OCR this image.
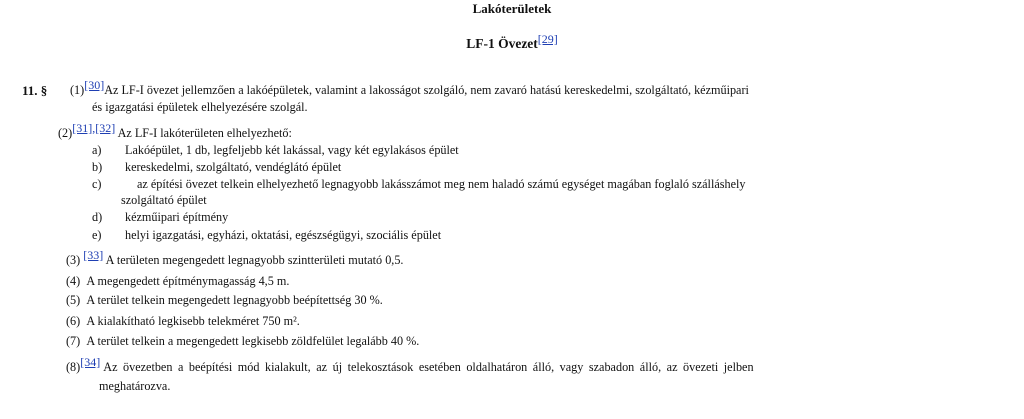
Lakóterületek
LF-1 Övezet[29]
11. § (1)[30]Az LF-I övezet jellemzően a lakóépületek, valamint a lakosságot szolgáló, nem zavaró hatású kereskedelmi, szolgáltató, kézműipari
és igazgatási épületek elhelyezésére szolgál.
(2)[31],[32] Az LF-I lakóterületen elhelyezhető:
a) Lakóépület, 1 db, legfeljebb két lakással, vagy két egylakásos épület
b) kereskedelmi, szolgáltató, vendéglátó épület
c)	az építési övezet telkein elhelyezhető legnagyobb lakásszámot meg nem haladó számú egységet magában foglaló szálláshely
szolgáltató épület
d) kézműipari építmény
e) helyi igazgatási, egyházi, oktatási, egészségügyi, szociális épület
(3) [33] A területen megengedett legnagyobb szintterületi mutató 0,5.
(4) A megengedett építménymagasság 4,5 m.
(5) A terület telkein megengedett legnagyobb beépítettség 30 %.
(6) A kialakítható legkisebb telekméret 750 m².
(7) A terület telkein a megengedett legkisebb zöldfelület legalább 40 %.
(8)[34] Az övezetben a beépítési mód kialakult, az új telekosztások esetében oldalhatáron álló, vagy szabadon álló, az övezeti jelben
meghatározva.
